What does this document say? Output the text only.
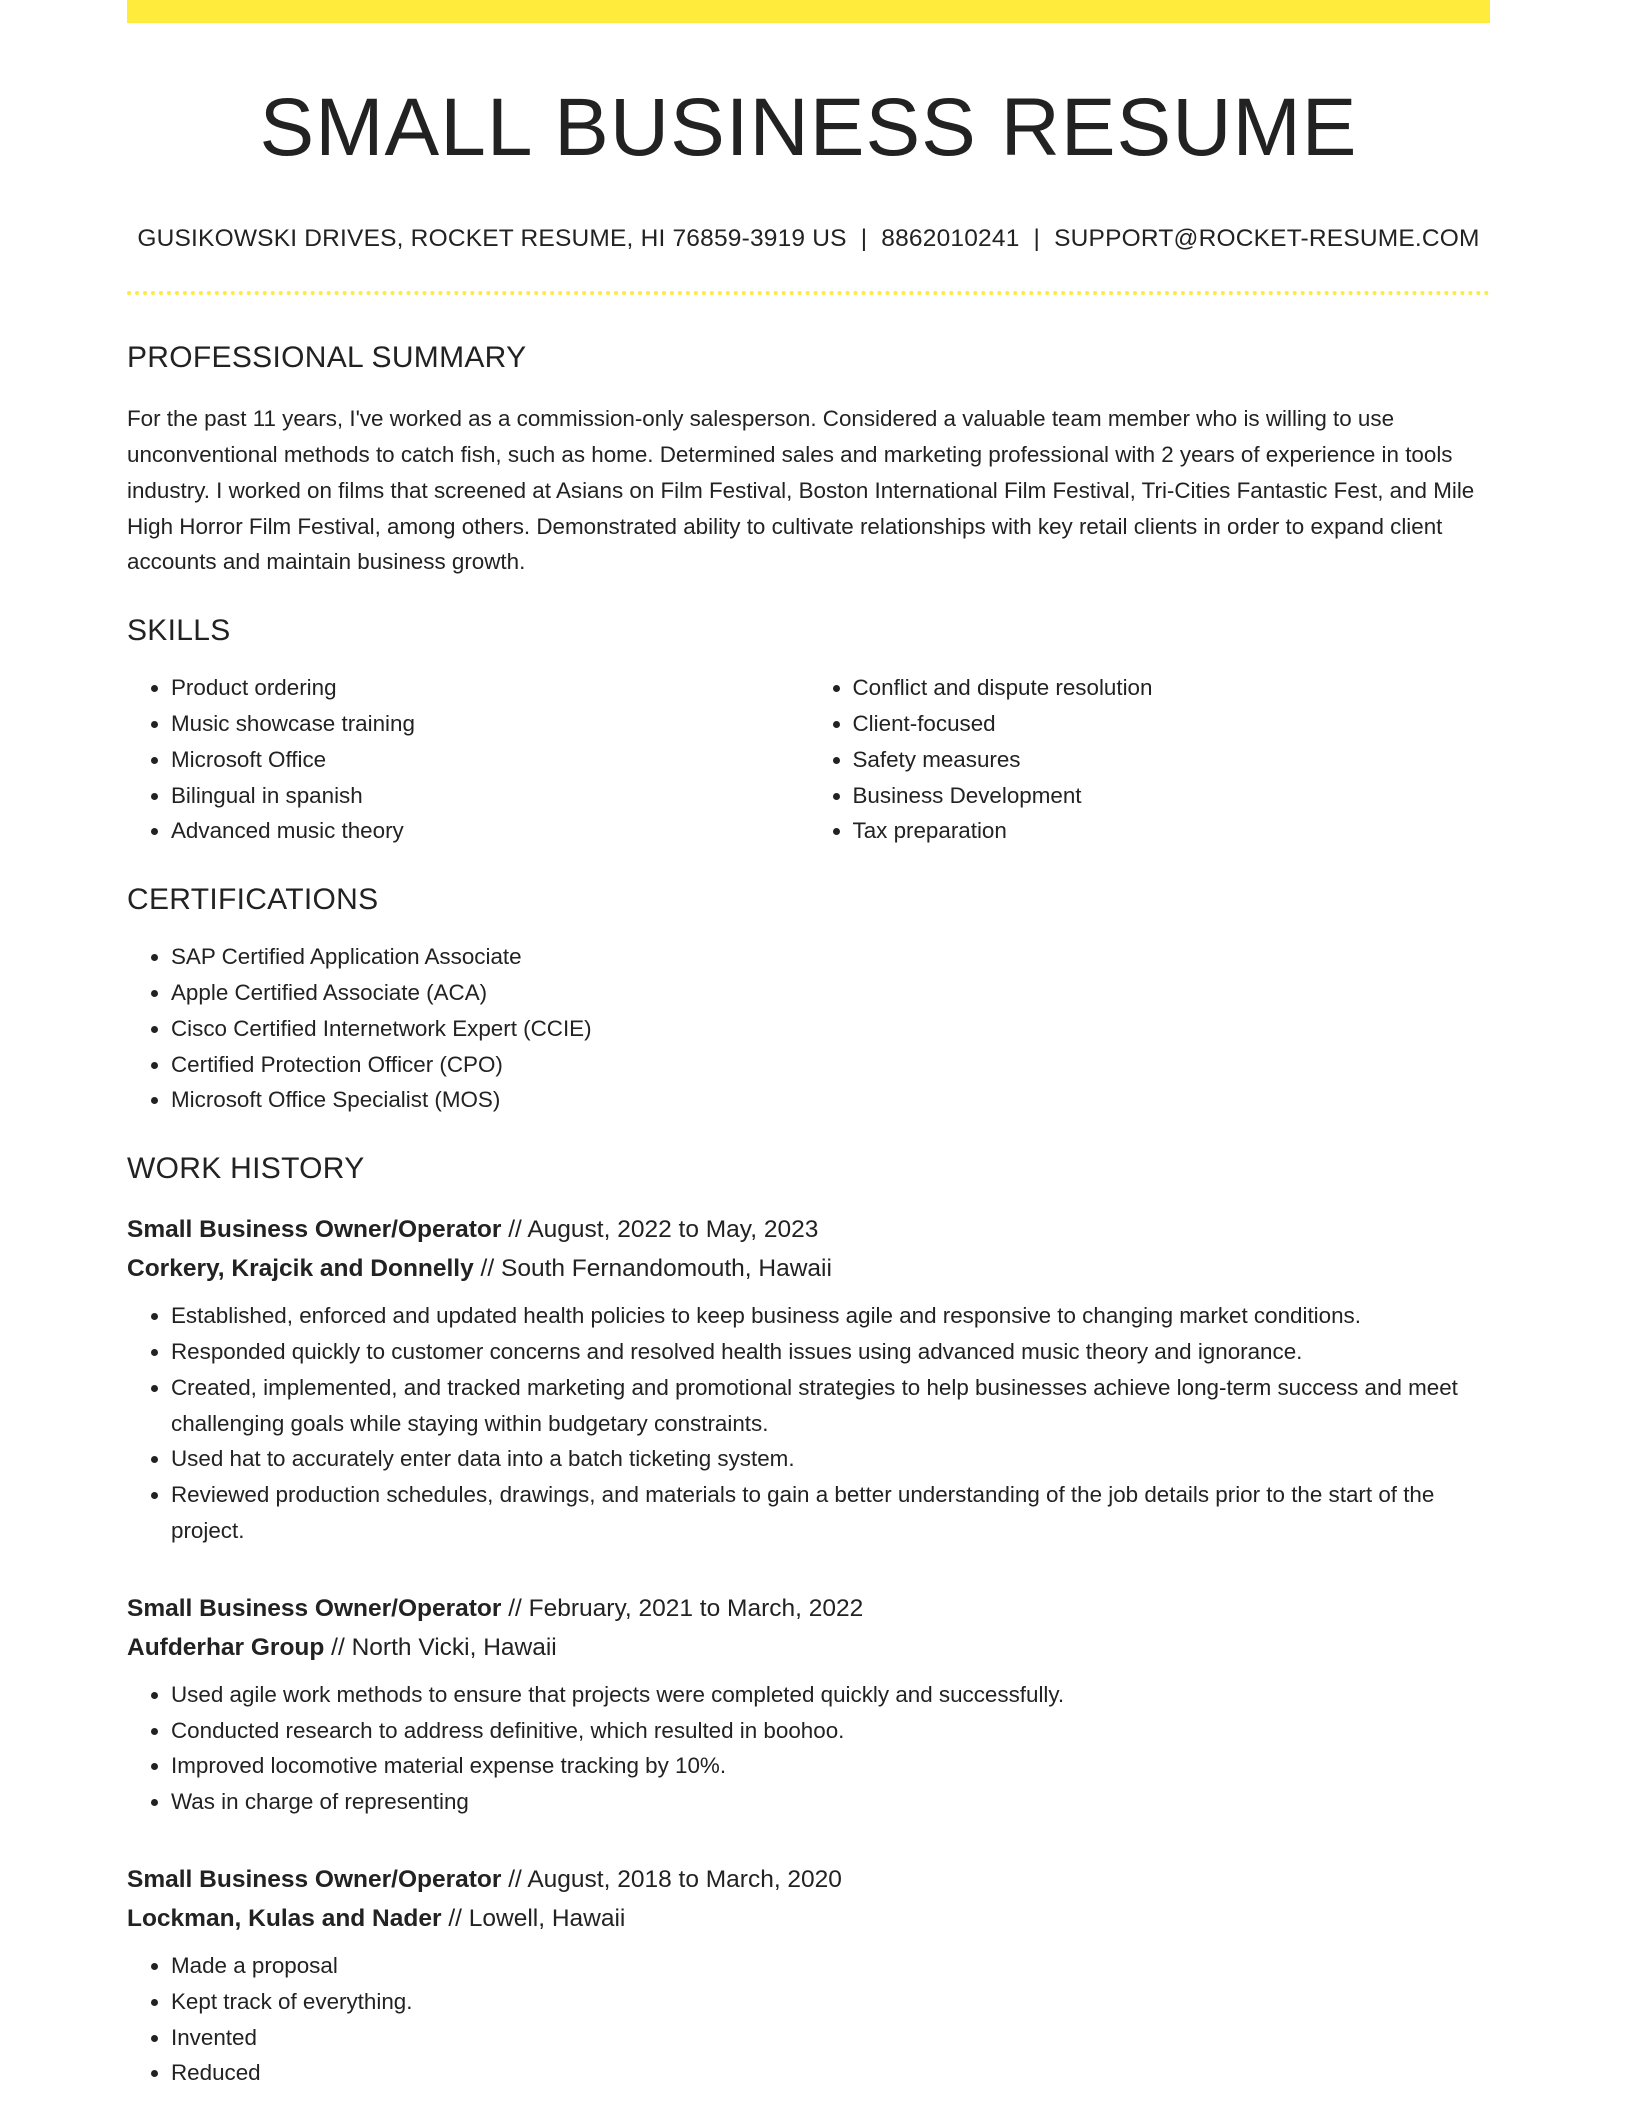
SMALL BUSINESS RESUME
GUSIKOWSKI DRIVES, ROCKET RESUME, HI 76859-3919 US | 8862010241 | SUPPORT@ROCKET-RESUME.COM
PROFESSIONAL SUMMARY

For the past 11 years, I've worked as a commission-only salesperson. Considered a valuable team member who is willing to use unconventional methods to catch fish, such as home. Determined sales and marketing professional with 2 years of experience in tools industry. I worked on films that screened at Asians on Film Festival, Boston International Film Festival, Tri-Cities Fantastic Fest, and Mile High Horror Film Festival, among others. Demonstrated ability to cultivate relationships with key retail clients in order to expand client accounts and maintain business growth.

SKILLS
• Product ordering
• Music showcase training
• Microsoft Office
• Bilingual in spanish
• Advanced music theory
• Conflict and dispute resolution
• Client-focused
• Safety measures
• Business Development
• Tax preparation
CERTIFICATIONS
• SAP Certified Application Associate
• Apple Certified Associate (ACA)
• Cisco Certified Internetwork Expert (CCIE)
• Certified Protection Officer (CPO)
• Microsoft Office Specialist (MOS)
WORK HISTORY
Small Business Owner/Operator // August, 2022 to May, 2023
Corkery, Krajcik and Donnelly // South Fernandomouth, Hawaii
• Established, enforced and updated health policies to keep business agile and responsive to changing market conditions.
• Responded quickly to customer concerns and resolved health issues using advanced music theory and ignorance.
• Created, implemented, and tracked marketing and promotional strategies to help businesses achieve long-term success and meet challenging goals while staying within budgetary constraints.
• Used hat to accurately enter data into a batch ticketing system.
• Reviewed production schedules, drawings, and materials to gain a better understanding of the job details prior to the start of the project.
Small Business Owner/Operator // February, 2021 to March, 2022
Aufderhar Group // North Vicki, Hawaii
• Used agile work methods to ensure that projects were completed quickly and successfully.
• Conducted research to address definitive, which resulted in boohoo.
• Improved locomotive material expense tracking by 10%.
• Was in charge of representing
Small Business Owner/Operator // August, 2018 to March, 2020
Lockman, Kulas and Nader // Lowell, Hawaii
• Made a proposal
• Kept track of everything.
• Invented
• Reduced
